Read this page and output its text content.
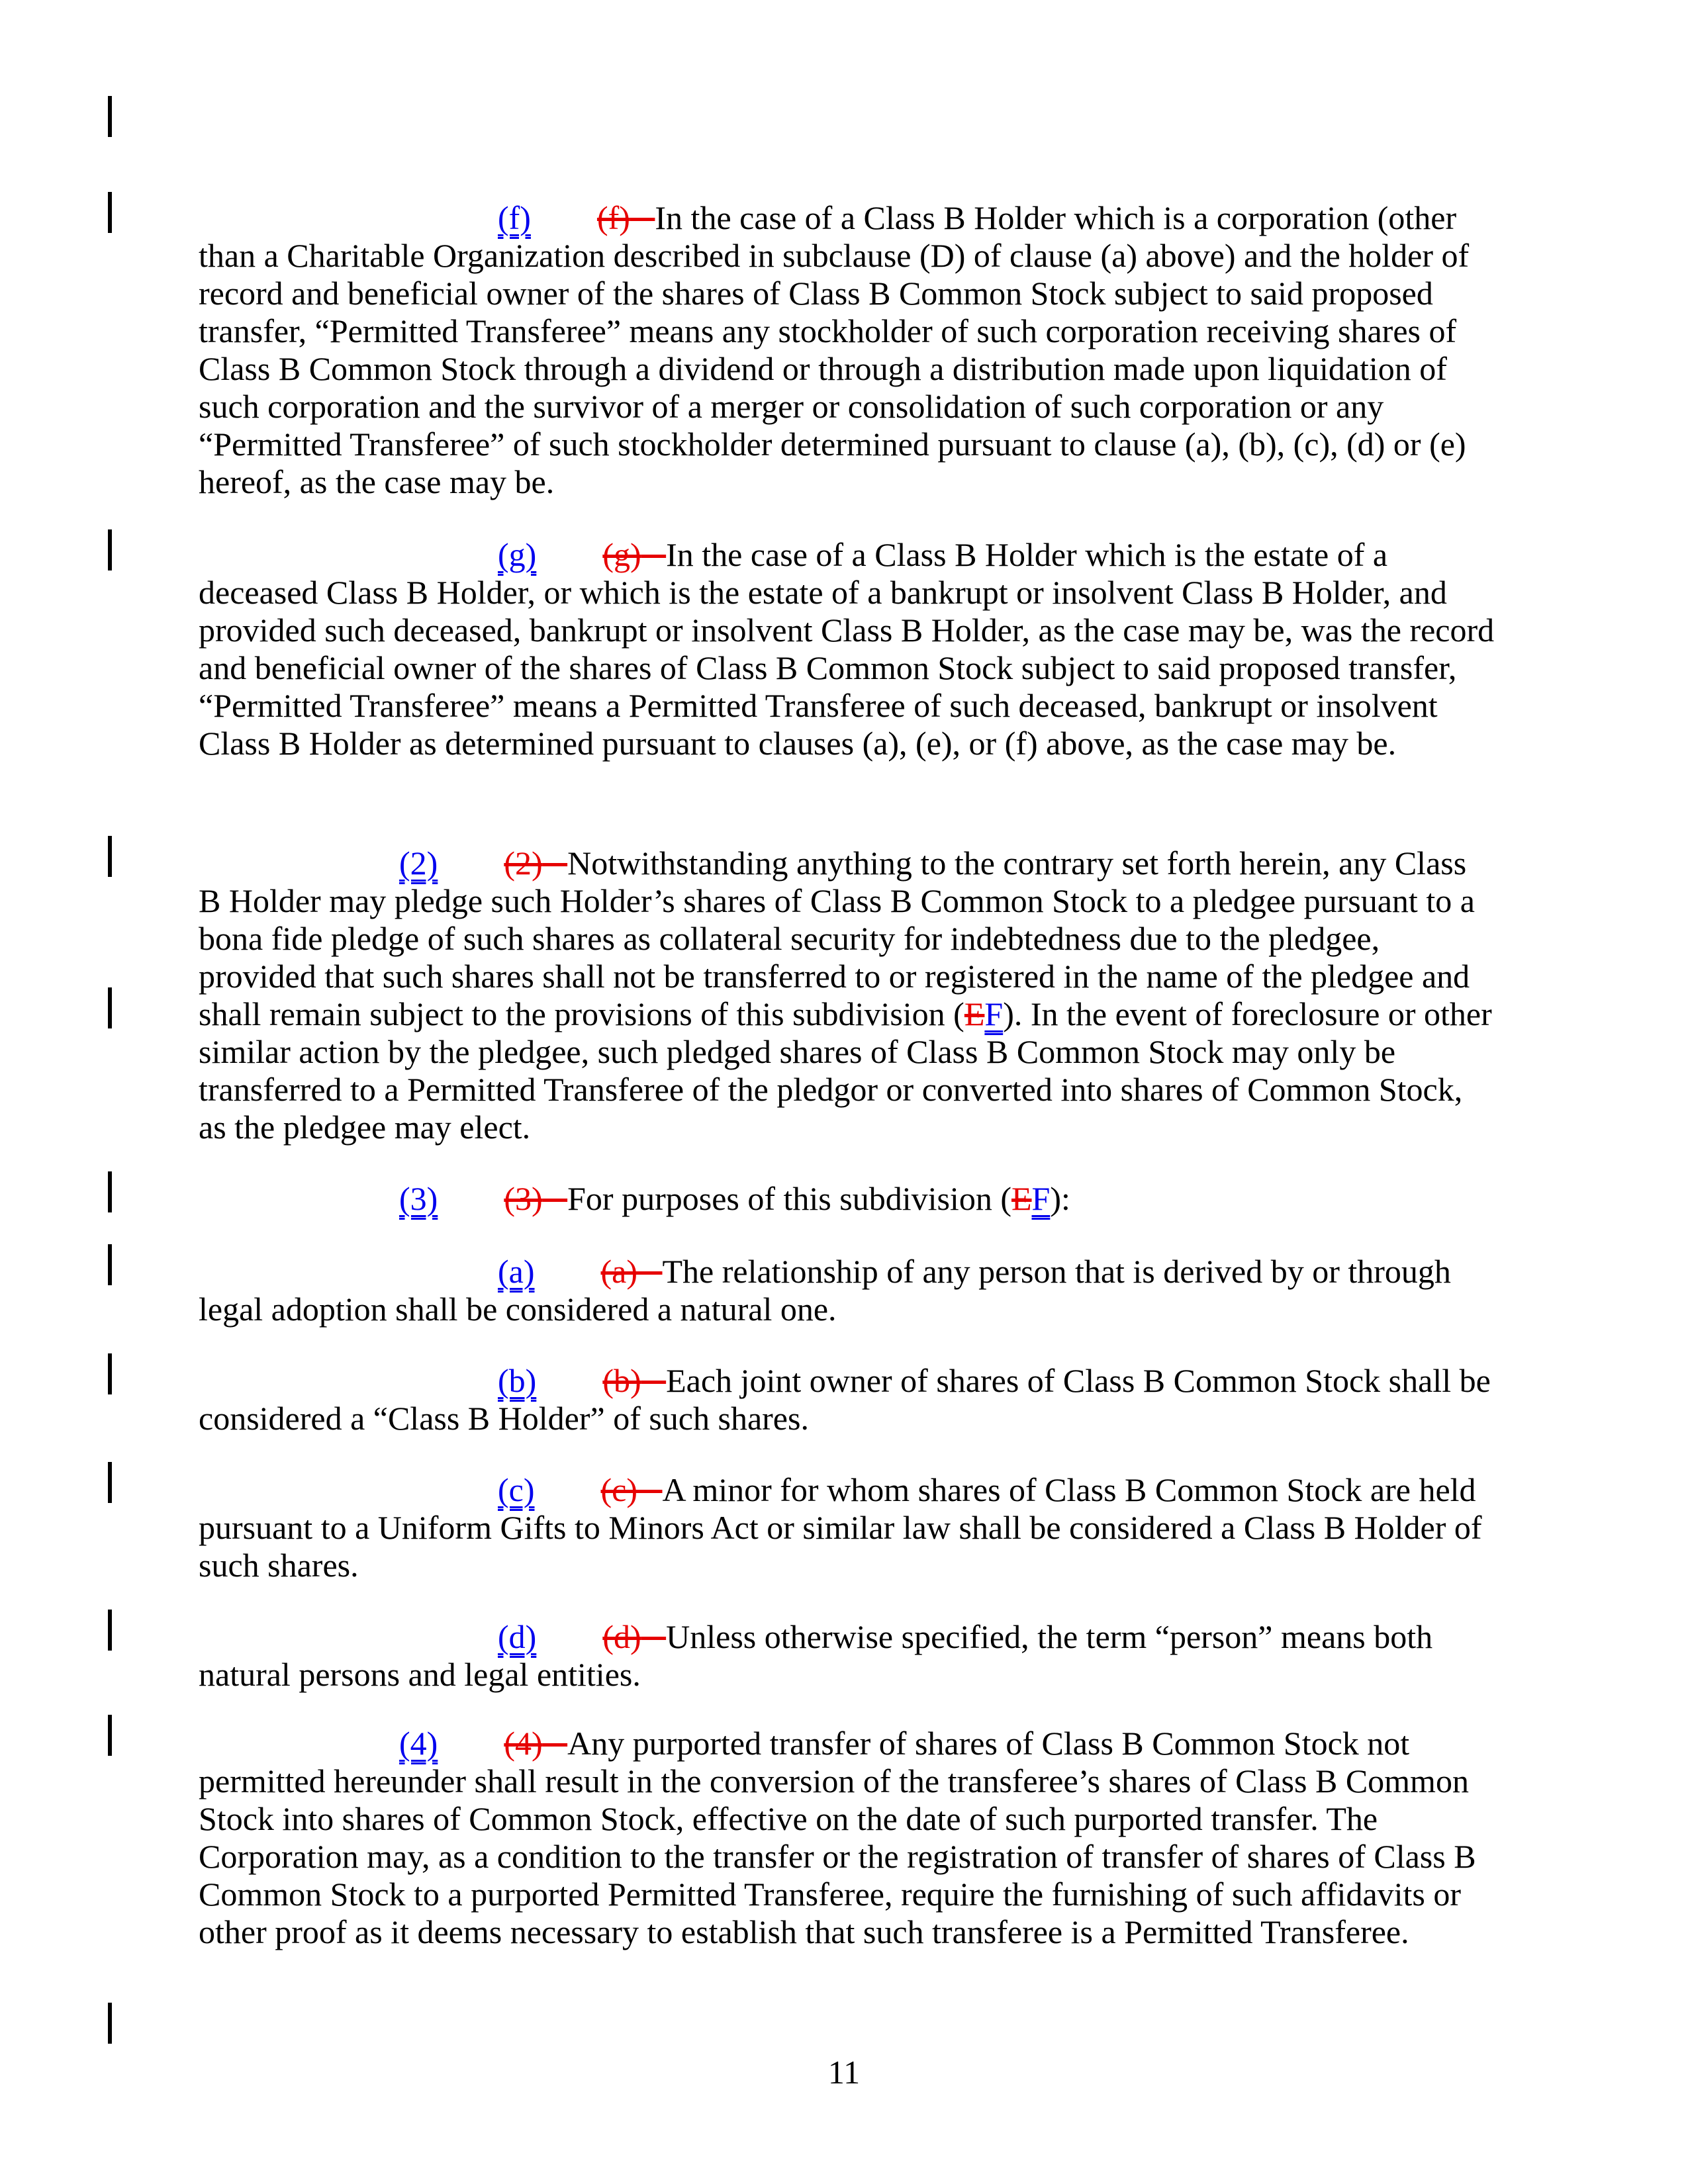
(f) (f) In the case of a Class B Holder which is a corporation (other than a Charitable Organization described in subclause (D) of clause (a) above) and the holder of record and beneficial owner of the shares of Class B Common Stock subject to said proposed transfer, “Permitted Transferee” means any stockholder of such corporation receiving shares of Class B Common Stock through a dividend or through a distribution made upon liquidation of such corporation and the survivor of a merger or consolidation of such corporation or any “Permitted Transferee” of such stockholder determined pursuant to clause (a), (b), (c), (d) or (e) hereof, as the case may be.

(g) (g) In the case of a Class B Holder which is the estate of a deceased Class B Holder, or which is the estate of a bankrupt or insolvent Class B Holder, and provided such deceased, bankrupt or insolvent Class B Holder, as the case may be, was the record and beneficial owner of the shares of Class B Common Stock subject to said proposed transfer, “Permitted Transferee” means a Permitted Transferee of such deceased, bankrupt or insolvent Class B Holder as determined pursuant to clauses (a), (e), or (f) above, as the case may be.

(2) (2) Notwithstanding anything to the contrary set forth herein, any Class B Holder may pledge such Holder’s shares of Class B Common Stock to a pledgee pursuant to a bona fide pledge of such shares as collateral security for indebtedness due to the pledgee, provided that such shares shall not be transferred to or registered in the name of the pledgee and shall remain subject to the provisions of this subdivision (EF). In the event of foreclosure or other similar action by the pledgee, such pledged shares of Class B Common Stock may only be transferred to a Permitted Transferee of the pledgor or converted into shares of Common Stock, as the pledgee may elect.

(3) (3) For purposes of this subdivision (EF):

(a) (a) The relationship of any person that is derived by or through legal adoption shall be considered a natural one.

(b) (b) Each joint owner of shares of Class B Common Stock shall be considered a “Class B Holder” of such shares.

(c) (c) A minor for whom shares of Class B Common Stock are held pursuant to a Uniform Gifts to Minors Act or similar law shall be considered a Class B Holder of such shares.

(d) (d) Unless otherwise specified, the term “person” means both natural persons and legal entities.

(4) (4) Any purported transfer of shares of Class B Common Stock not permitted hereunder shall result in the conversion of the transferee’s shares of Class B Common Stock into shares of Common Stock, effective on the date of such purported transfer. The Corporation may, as a condition to the transfer or the registration of transfer of shares of Class B Common Stock to a purported Permitted Transferee, require the furnishing of such affidavits or other proof as it deems necessary to establish that such transferee is a Permitted Transferee.

11
